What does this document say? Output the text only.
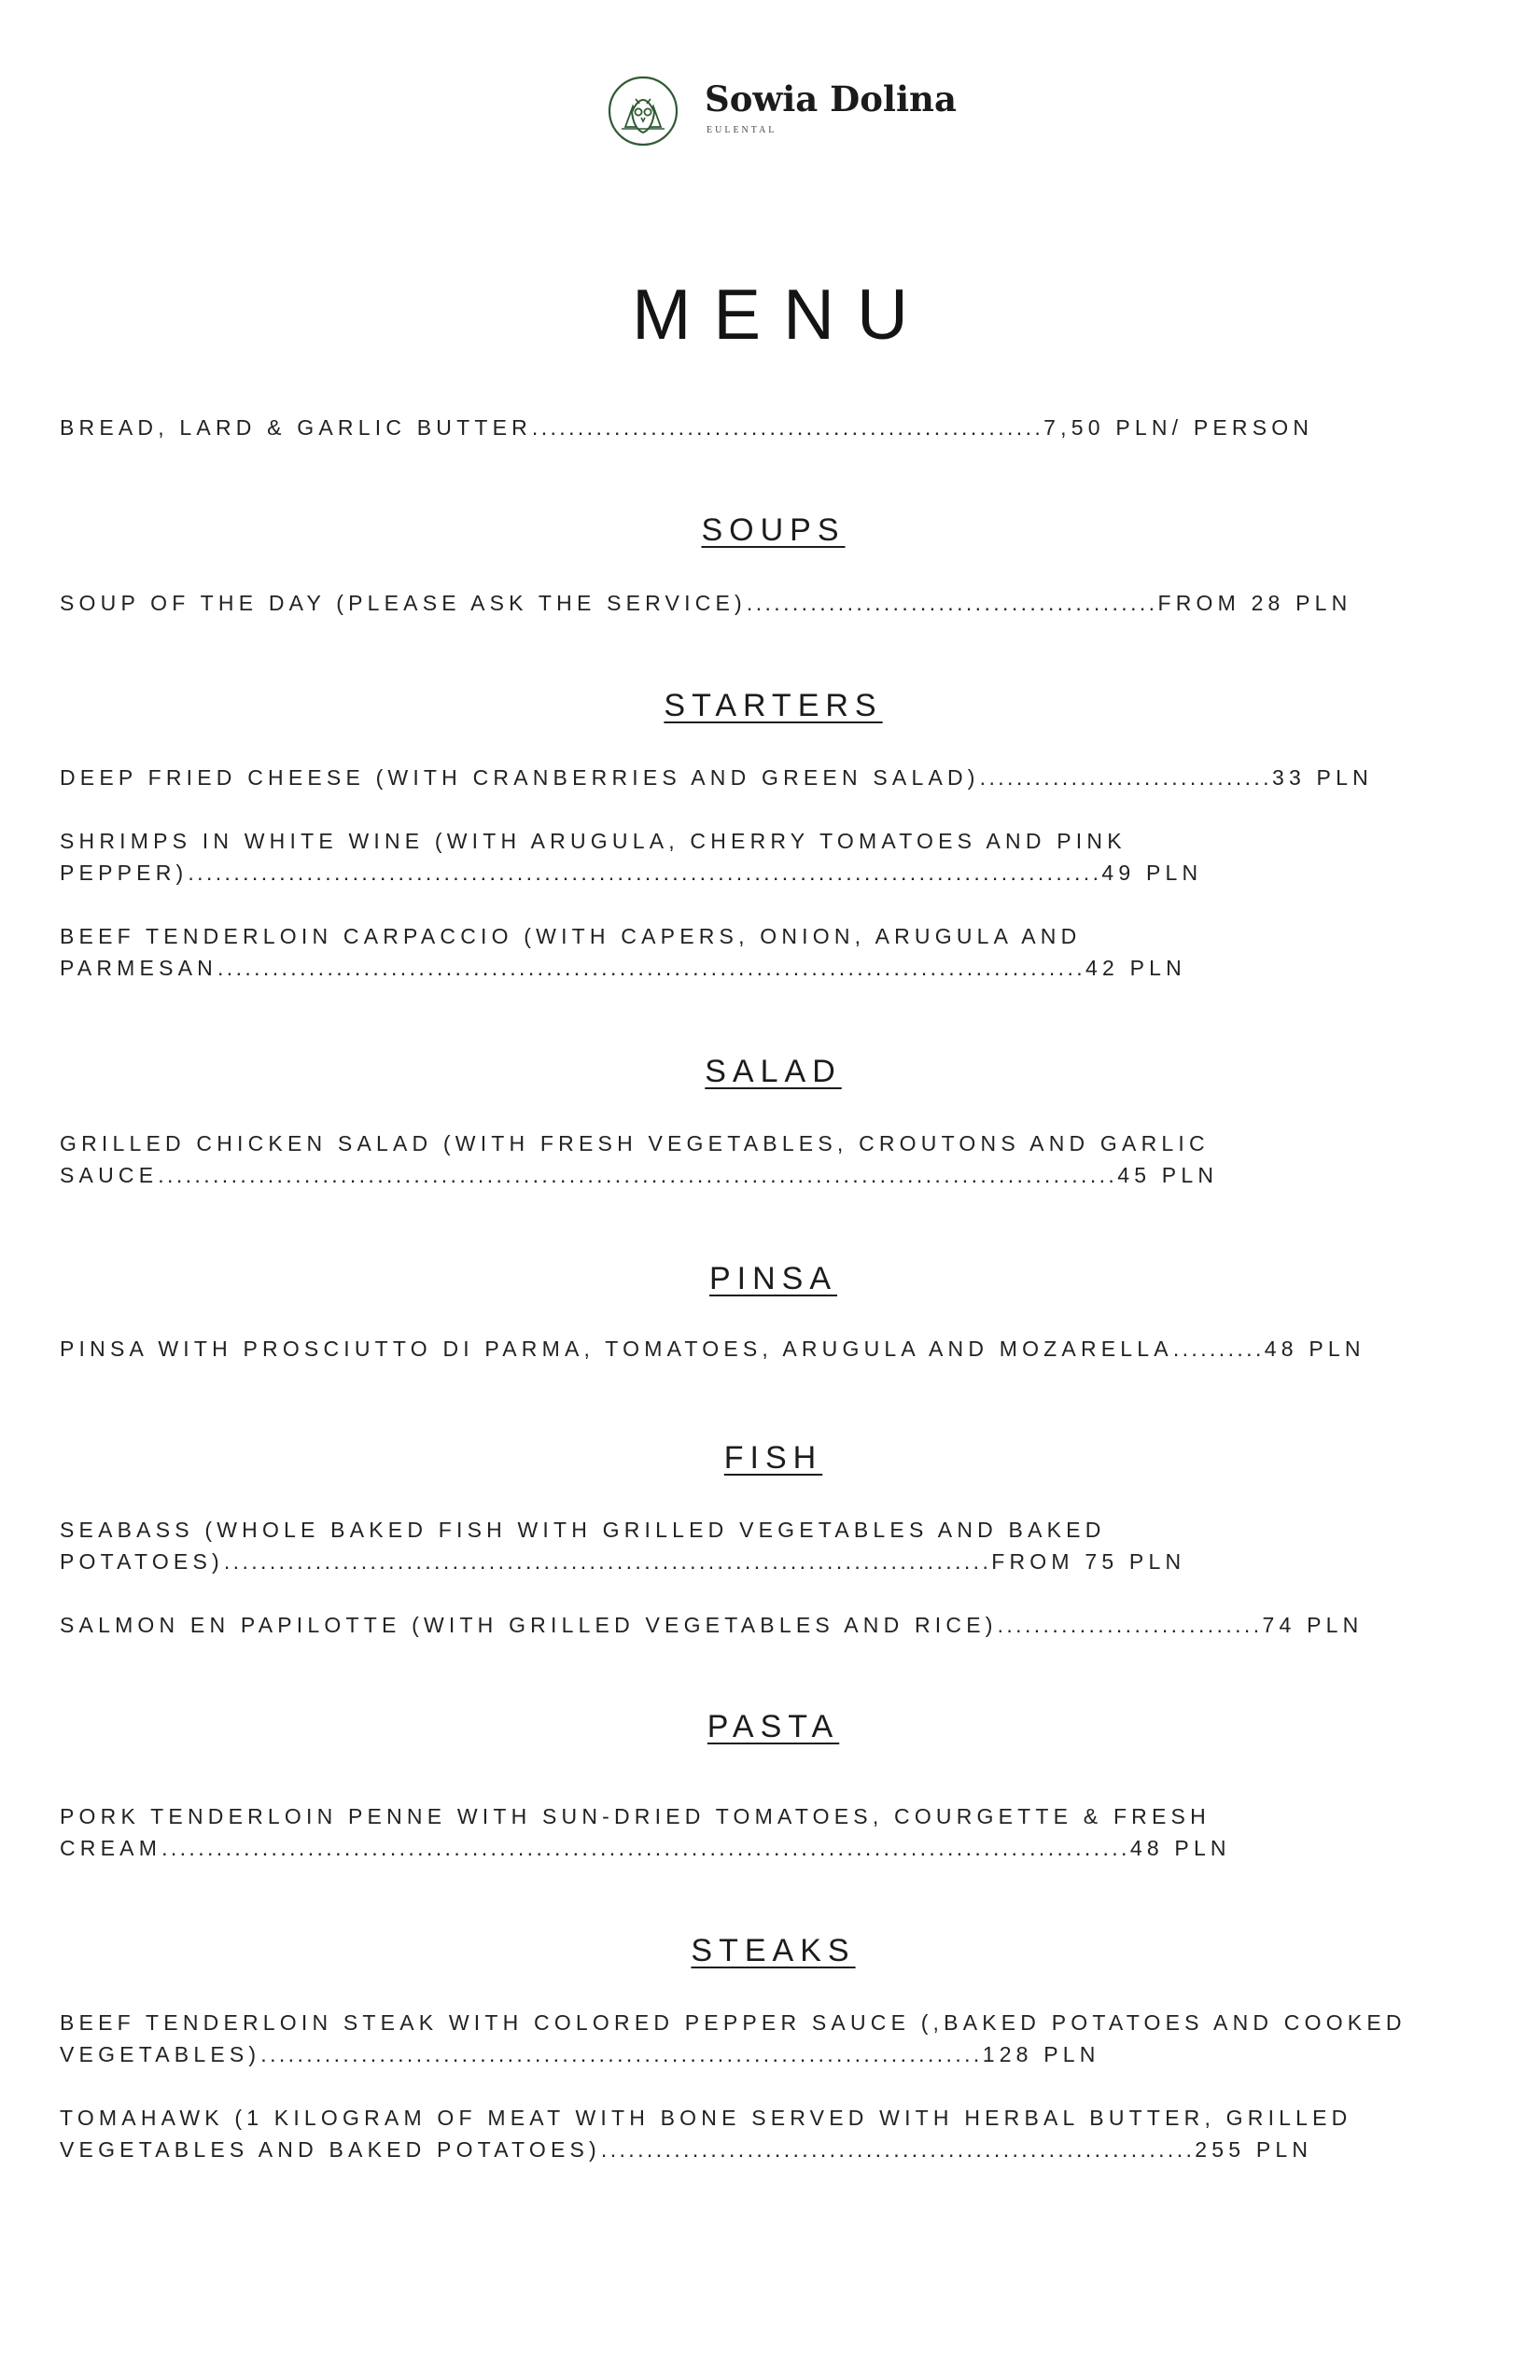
Sowia Dolina
EULENTAL
MENU
BREAD, LARD & GARLIC BUTTER........................................................7,50 PLN/ PERSON
SOUPS
SOUP OF THE DAY (PLEASE ASK THE SERVICE).............................................FROM 28 PLN
STARTERS
DEEP FRIED CHEESE (WITH CRANBERRIES AND GREEN SALAD)................................33 PLN
SHRIMPS IN WHITE WINE (WITH ARUGULA, CHERRY TOMATOES AND PINK
PEPPER)....................................................................................................49 PLN
BEEF TENDERLOIN CARPACCIO (WITH CAPERS, ONION, ARUGULA AND
PARMESAN...............................................................................................42 PLN
SALAD
GRILLED CHICKEN SALAD (WITH FRESH VEGETABLES, CROUTONS AND GARLIC
SAUCE.........................................................................................................45 PLN
PINSA
PINSA WITH PROSCIUTTO DI PARMA, TOMATOES, ARUGULA AND MOZARELLA..........48 PLN
FISH
SEABASS (WHOLE BAKED FISH WITH GRILLED VEGETABLES AND BAKED
POTATOES)....................................................................................FROM 75 PLN
SALMON EN PAPILOTTE (WITH GRILLED VEGETABLES AND RICE).............................74 PLN
PASTA
PORK TENDERLOIN PENNE WITH SUN-DRIED TOMATOES, COURGETTE & FRESH
CREAM..........................................................................................................48 PLN
STEAKS
BEEF TENDERLOIN STEAK WITH COLORED PEPPER SAUCE (,BAKED POTATOES AND COOKED
VEGETABLES)...............................................................................128 PLN
TOMAHAWK (1 KILOGRAM OF MEAT WITH BONE SERVED WITH HERBAL BUTTER, GRILLED
VEGETABLES AND BAKED POTATOES).................................................................255 PLN
